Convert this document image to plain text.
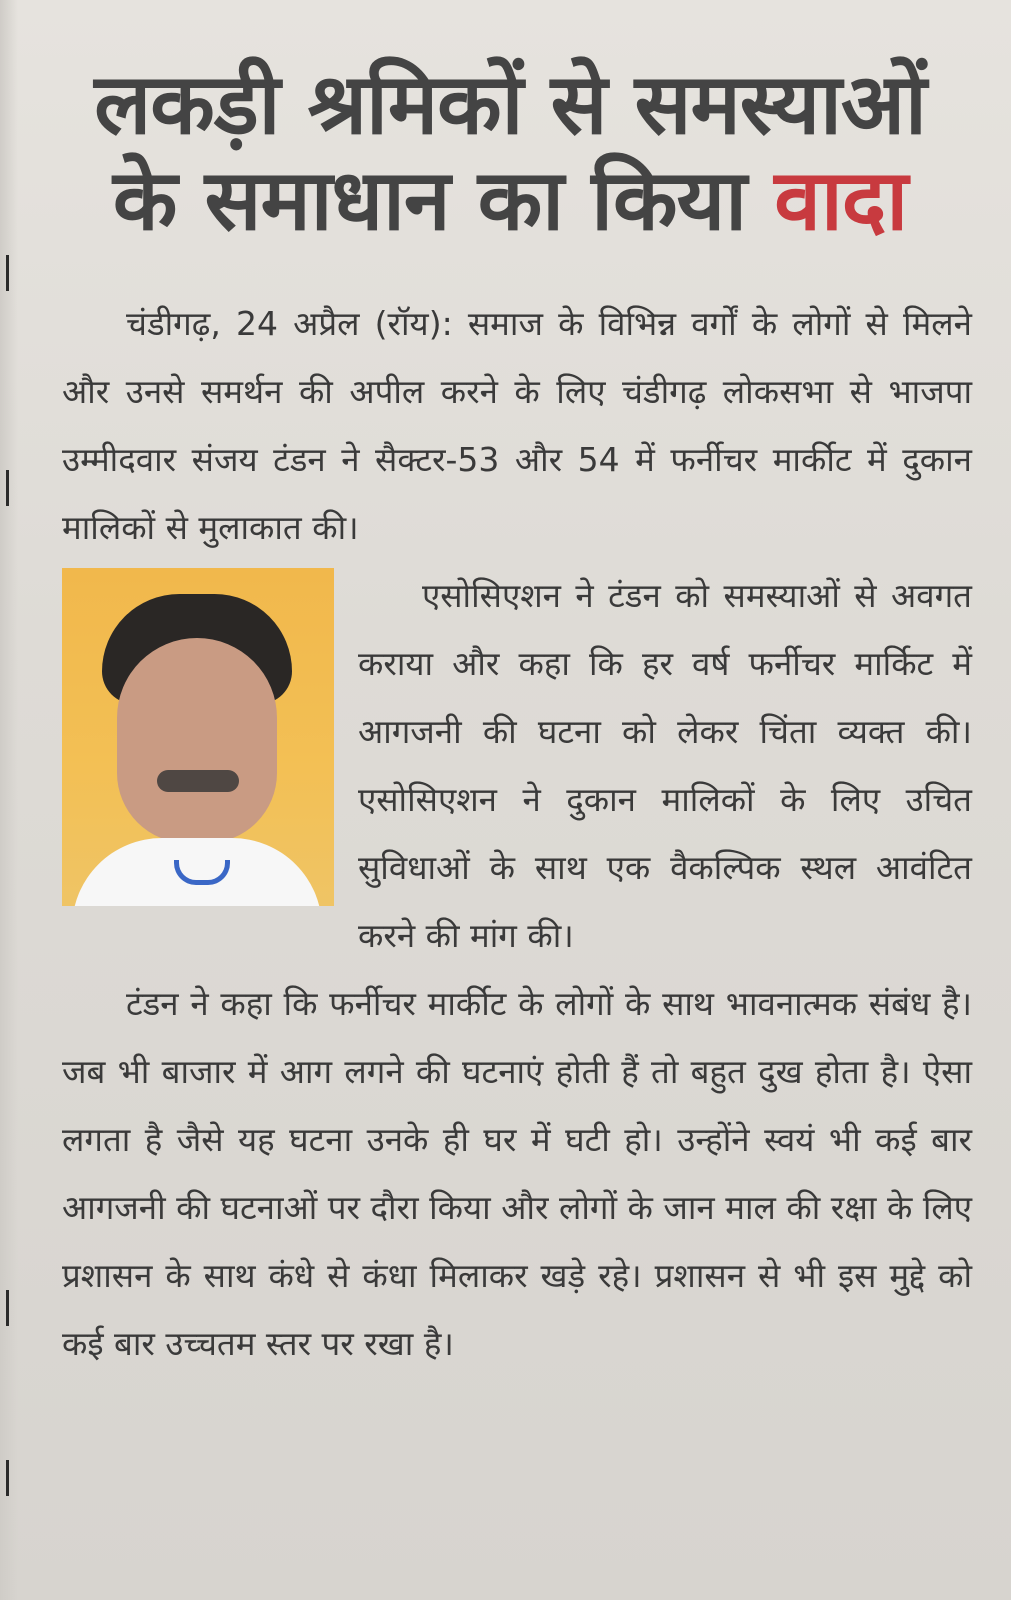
लकड़ी श्रमिकों से समस्याओं
के समाधान का किया वादा

चंडीगढ़, 24 अप्रैल (रॉय): समाज के विभिन्न वर्गों के लोगों से मिलने और उनसे समर्थन की अपील करने के लिए चंडीगढ़ लोकसभा से भाजपा उम्मीदवार संजय टंडन ने सैक्टर-53 और 54 में फर्नीचर मार्कीट में दुकान मालिकों से मुलाकात की।

एसोसिएशन ने टंडन को समस्याओं से अवगत कराया और कहा कि हर वर्ष फर्नीचर मार्किट में आगजनी की घटना को लेकर चिंता व्यक्त की। एसोसिएशन ने दुकान मालिकों के लिए उचित सुविधाओं के साथ एक वैकल्पिक स्थल आवंटित करने की मांग की।

टंडन ने कहा कि फर्नीचर मार्कीट के लोगों के साथ भावनात्मक संबंध है। जब भी बाजार में आग लगने की घटनाएं होती हैं तो बहुत दुख होता है। ऐसा लगता है जैसे यह घटना उनके ही घर में घटी हो। उन्होंने स्वयं भी कई बार आगजनी की घटनाओं पर दौरा किया और लोगों के जान माल की रक्षा के लिए प्रशासन के साथ कंधे से कंधा मिलाकर खड़े रहे। प्रशासन से भी इस मुद्दे को कई बार उच्चतम स्तर पर रखा है।
